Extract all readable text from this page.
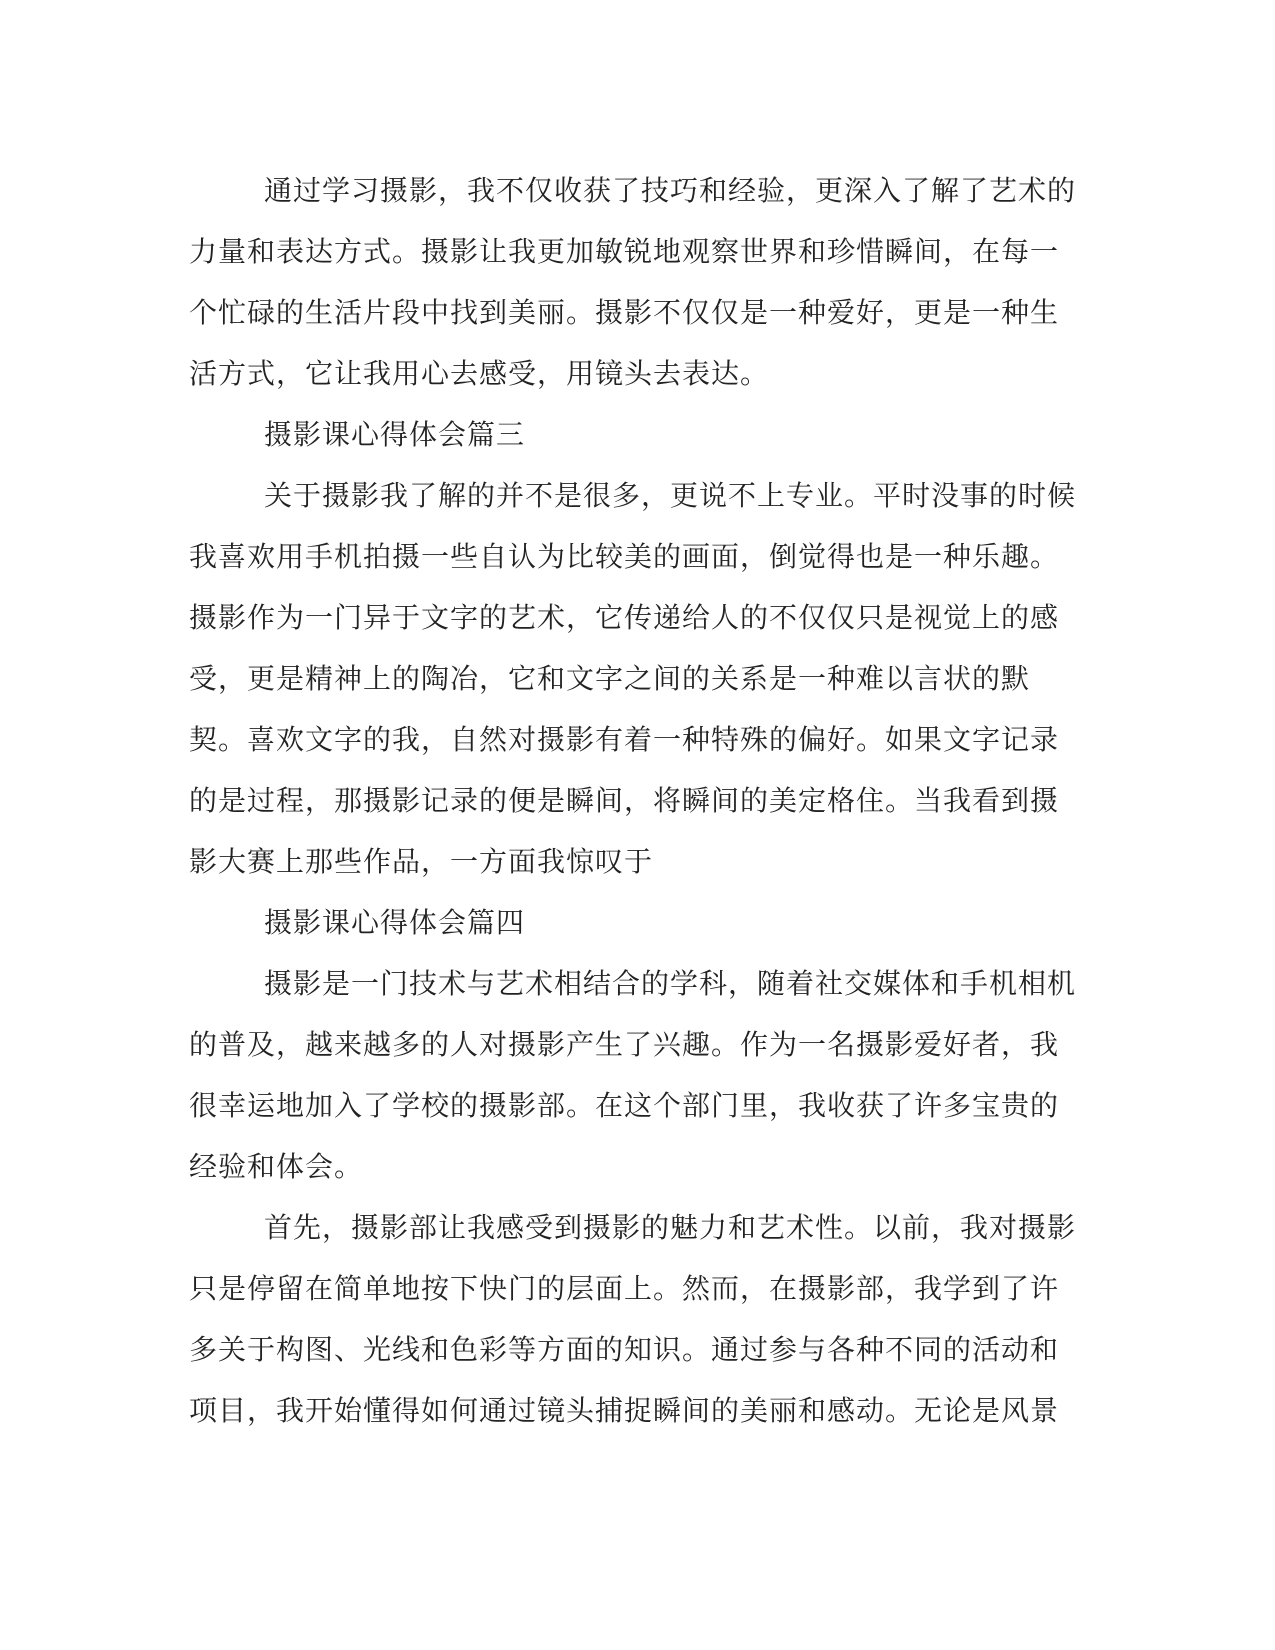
通过学习摄影，我不仅收获了技巧和经验，更深入了解了艺术的力量和表达方式。摄影让我更加敏锐地观察世界和珍惜瞬间，在每一个忙碌的生活片段中找到美丽。摄影不仅仅是一种爱好，更是一种生活方式，它让我用心去感受，用镜头去表达。

摄影课心得体会篇三

关于摄影我了解的并不是很多，更说不上专业。平时没事的时候我喜欢用手机拍摄一些自认为比较美的画面，倒觉得也是一种乐趣。摄影作为一门异于文字的艺术，它传递给人的不仅仅只是视觉上的感受，更是精神上的陶冶，它和文字之间的关系是一种难以言状的默契。喜欢文字的我，自然对摄影有着一种特殊的偏好。如果文字记录的是过程，那摄影记录的便是瞬间，将瞬间的美定格住。当我看到摄影大赛上那些作品，一方面我惊叹于

摄影课心得体会篇四

摄影是一门技术与艺术相结合的学科，随着社交媒体和手机相机的普及，越来越多的人对摄影产生了兴趣。作为一名摄影爱好者，我很幸运地加入了学校的摄影部。在这个部门里，我收获了许多宝贵的经验和体会。

首先，摄影部让我感受到摄影的魅力和艺术性。以前，我对摄影只是停留在简单地按下快门的层面上。然而，在摄影部，我学到了许多关于构图、光线和色彩等方面的知识。通过参与各种不同的活动和项目，我开始懂得如何通过镜头捕捉瞬间的美丽和感动。无论是风景
